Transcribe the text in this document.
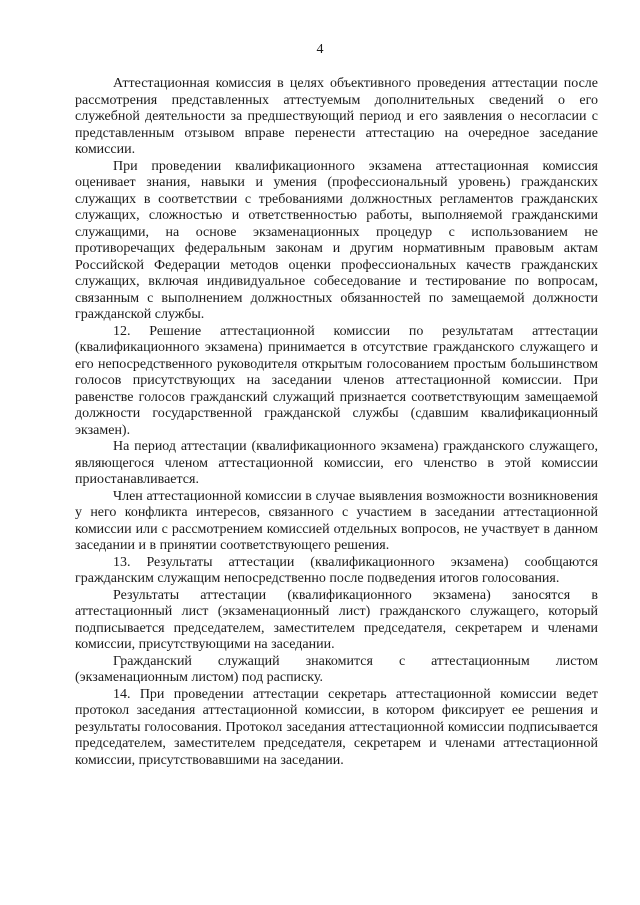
4

Аттестационная комиссия в целях объективного проведения аттестации после рассмотрения представленных аттестуемым дополнительных сведений о его служебной деятельности за предшествующий период и его заявления о несогласии с представленным отзывом вправе перенести аттестацию на очередное заседание комиссии.

При проведении квалификационного экзамена аттестационная комиссия оценивает знания, навыки и умения (профессиональный уровень) гражданских служащих в соответствии с требованиями должностных регламентов гражданских служащих, сложностью и ответственностью работы, выполняемой гражданскими служащими, на основе экзаменационных процедур с использованием не противоречащих федеральным законам и другим нормативным правовым актам Российской Федерации методов оценки профессиональных качеств гражданских служащих, включая индивидуальное собеседование и тестирование по вопросам, связанным с выполнением должностных обязанностей по замещаемой должности гражданской службы.

12. Решение аттестационной комиссии по результатам аттестации (квалификационного экзамена) принимается в отсутствие гражданского служащего и его непосредственного руководителя открытым голосованием простым большинством голосов присутствующих на заседании членов аттестационной комиссии. При равенстве голосов гражданский служащий признается соответствующим замещаемой должности государственной гражданской службы (сдавшим квалификационный экзамен).

На период аттестации (квалификационного экзамена) гражданского служащего, являющегося членом аттестационной комиссии, его членство в этой комиссии приостанавливается.

Член аттестационной комиссии в случае выявления возможности возникновения у него конфликта интересов, связанного с участием в заседании аттестационной комиссии или с рассмотрением комиссией отдельных вопросов, не участвует в данном заседании и в принятии соответствующего решения.

13. Результаты аттестации (квалификационного экзамена) сообщаются гражданским служащим непосредственно после подведения итогов голосования.

Результаты аттестации (квалификационного экзамена) заносятся в аттестационный лист (экзаменационный лист) гражданского служащего, который подписывается председателем, заместителем председателя, секретарем и членами комиссии, присутствующими на заседании.

Гражданский служащий знакомится с аттестационным листом (экзаменационным листом) под расписку.

14. При проведении аттестации секретарь аттестационной комиссии ведет протокол заседания аттестационной комиссии, в котором фиксирует ее решения и результаты голосования. Протокол заседания аттестационной комиссии подписывается председателем, заместителем председателя, секретарем и членами аттестационной комиссии, присутствовавшими на заседании.
